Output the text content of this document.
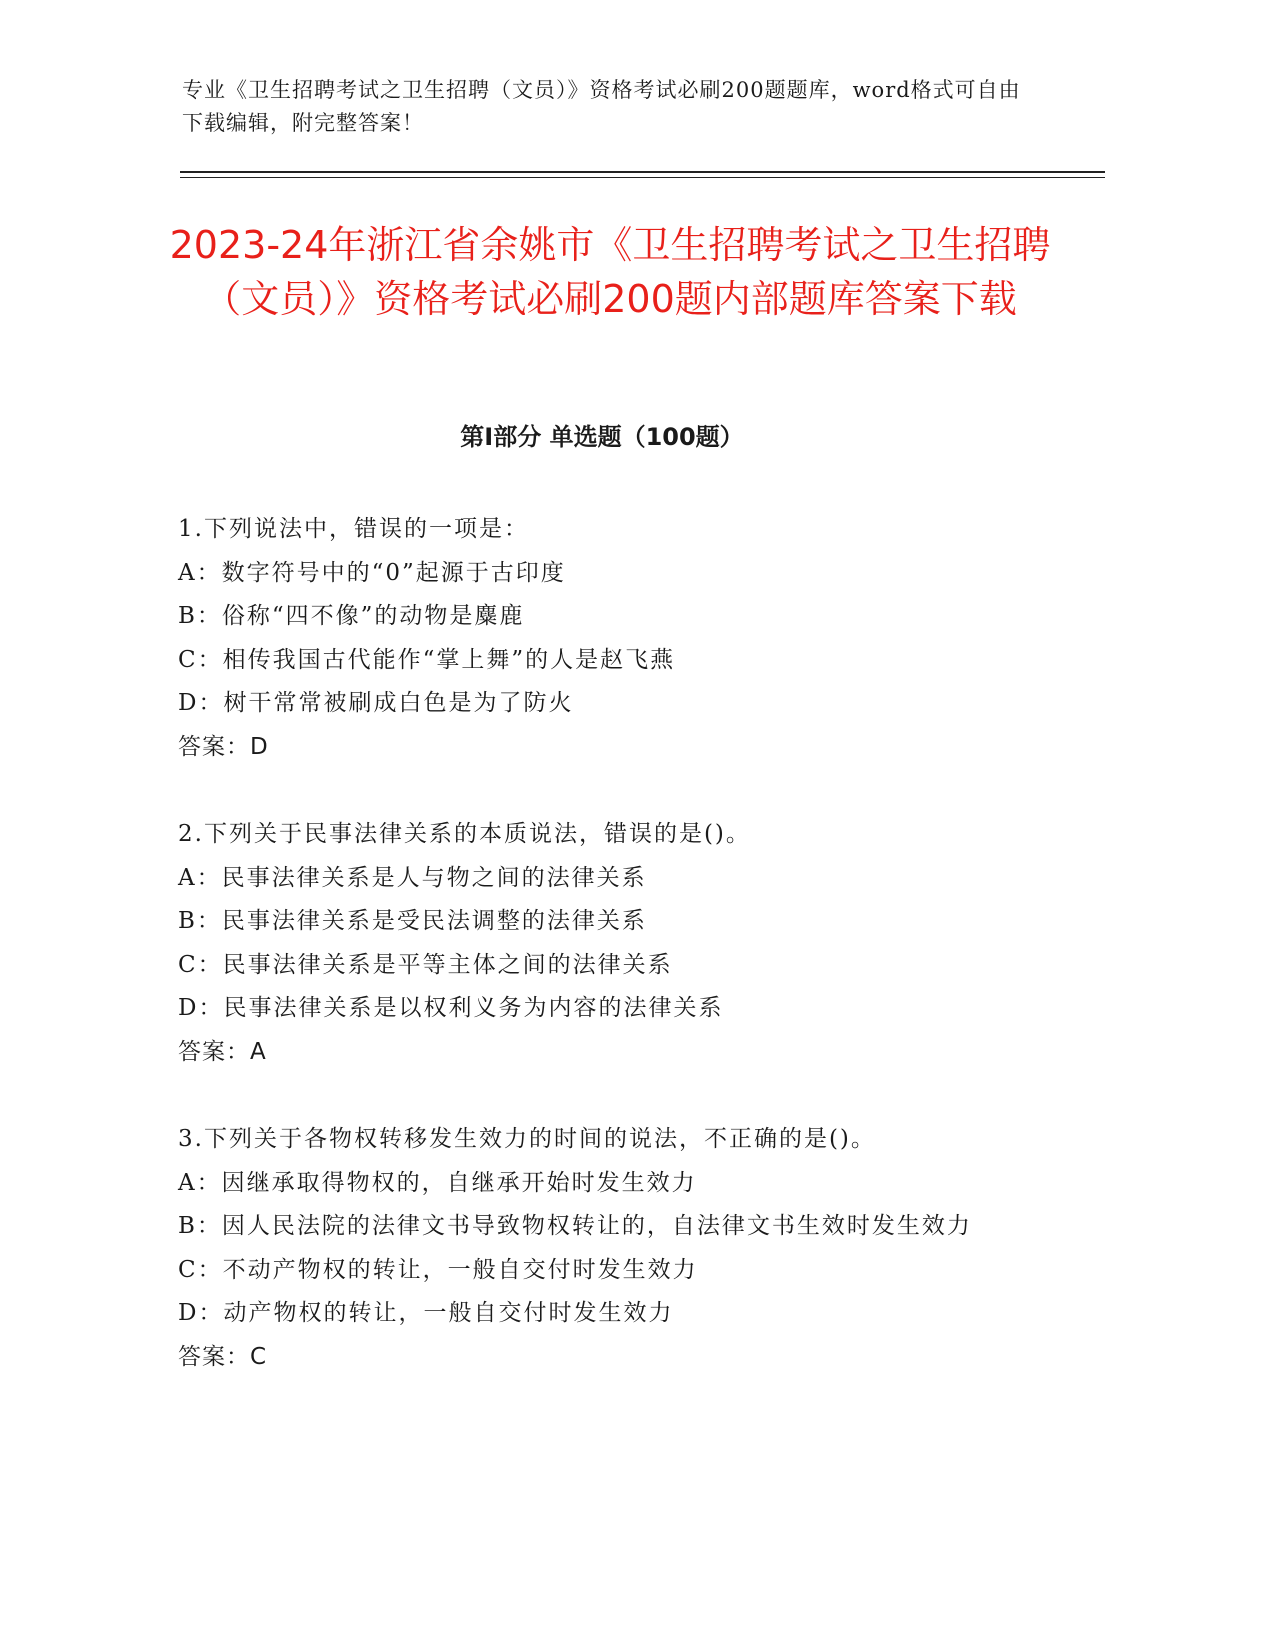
专业《卫生招聘考试之卫生招聘（文员）》资格考试必刷200题题库，word格式可自由下载编辑，附完整答案！
2023-24年浙江省余姚市《卫生招聘考试之卫生招聘（文员）》资格考试必刷200题内部题库答案下载
第I部分 单选题（100题）
1.下列说法中，错误的一项是：
A：数字符号中的“0”起源于古印度
B：俗称“四不像”的动物是麋鹿
C：相传我国古代能作“掌上舞”的人是赵飞燕
D：树干常常被刷成白色是为了防火
答案：D
2.下列关于民事法律关系的本质说法，错误的是()。
A：民事法律关系是人与物之间的法律关系
B：民事法律关系是受民法调整的法律关系
C：民事法律关系是平等主体之间的法律关系
D：民事法律关系是以权利义务为内容的法律关系
答案：A
3.下列关于各物权转移发生效力的时间的说法，不正确的是()。
A：因继承取得物权的，自继承开始时发生效力
B：因人民法院的法律文书导致物权转让的，自法律文书生效时发生效力
C：不动产物权的转让，一般自交付时发生效力
D：动产物权的转让，一般自交付时发生效力
答案：C
